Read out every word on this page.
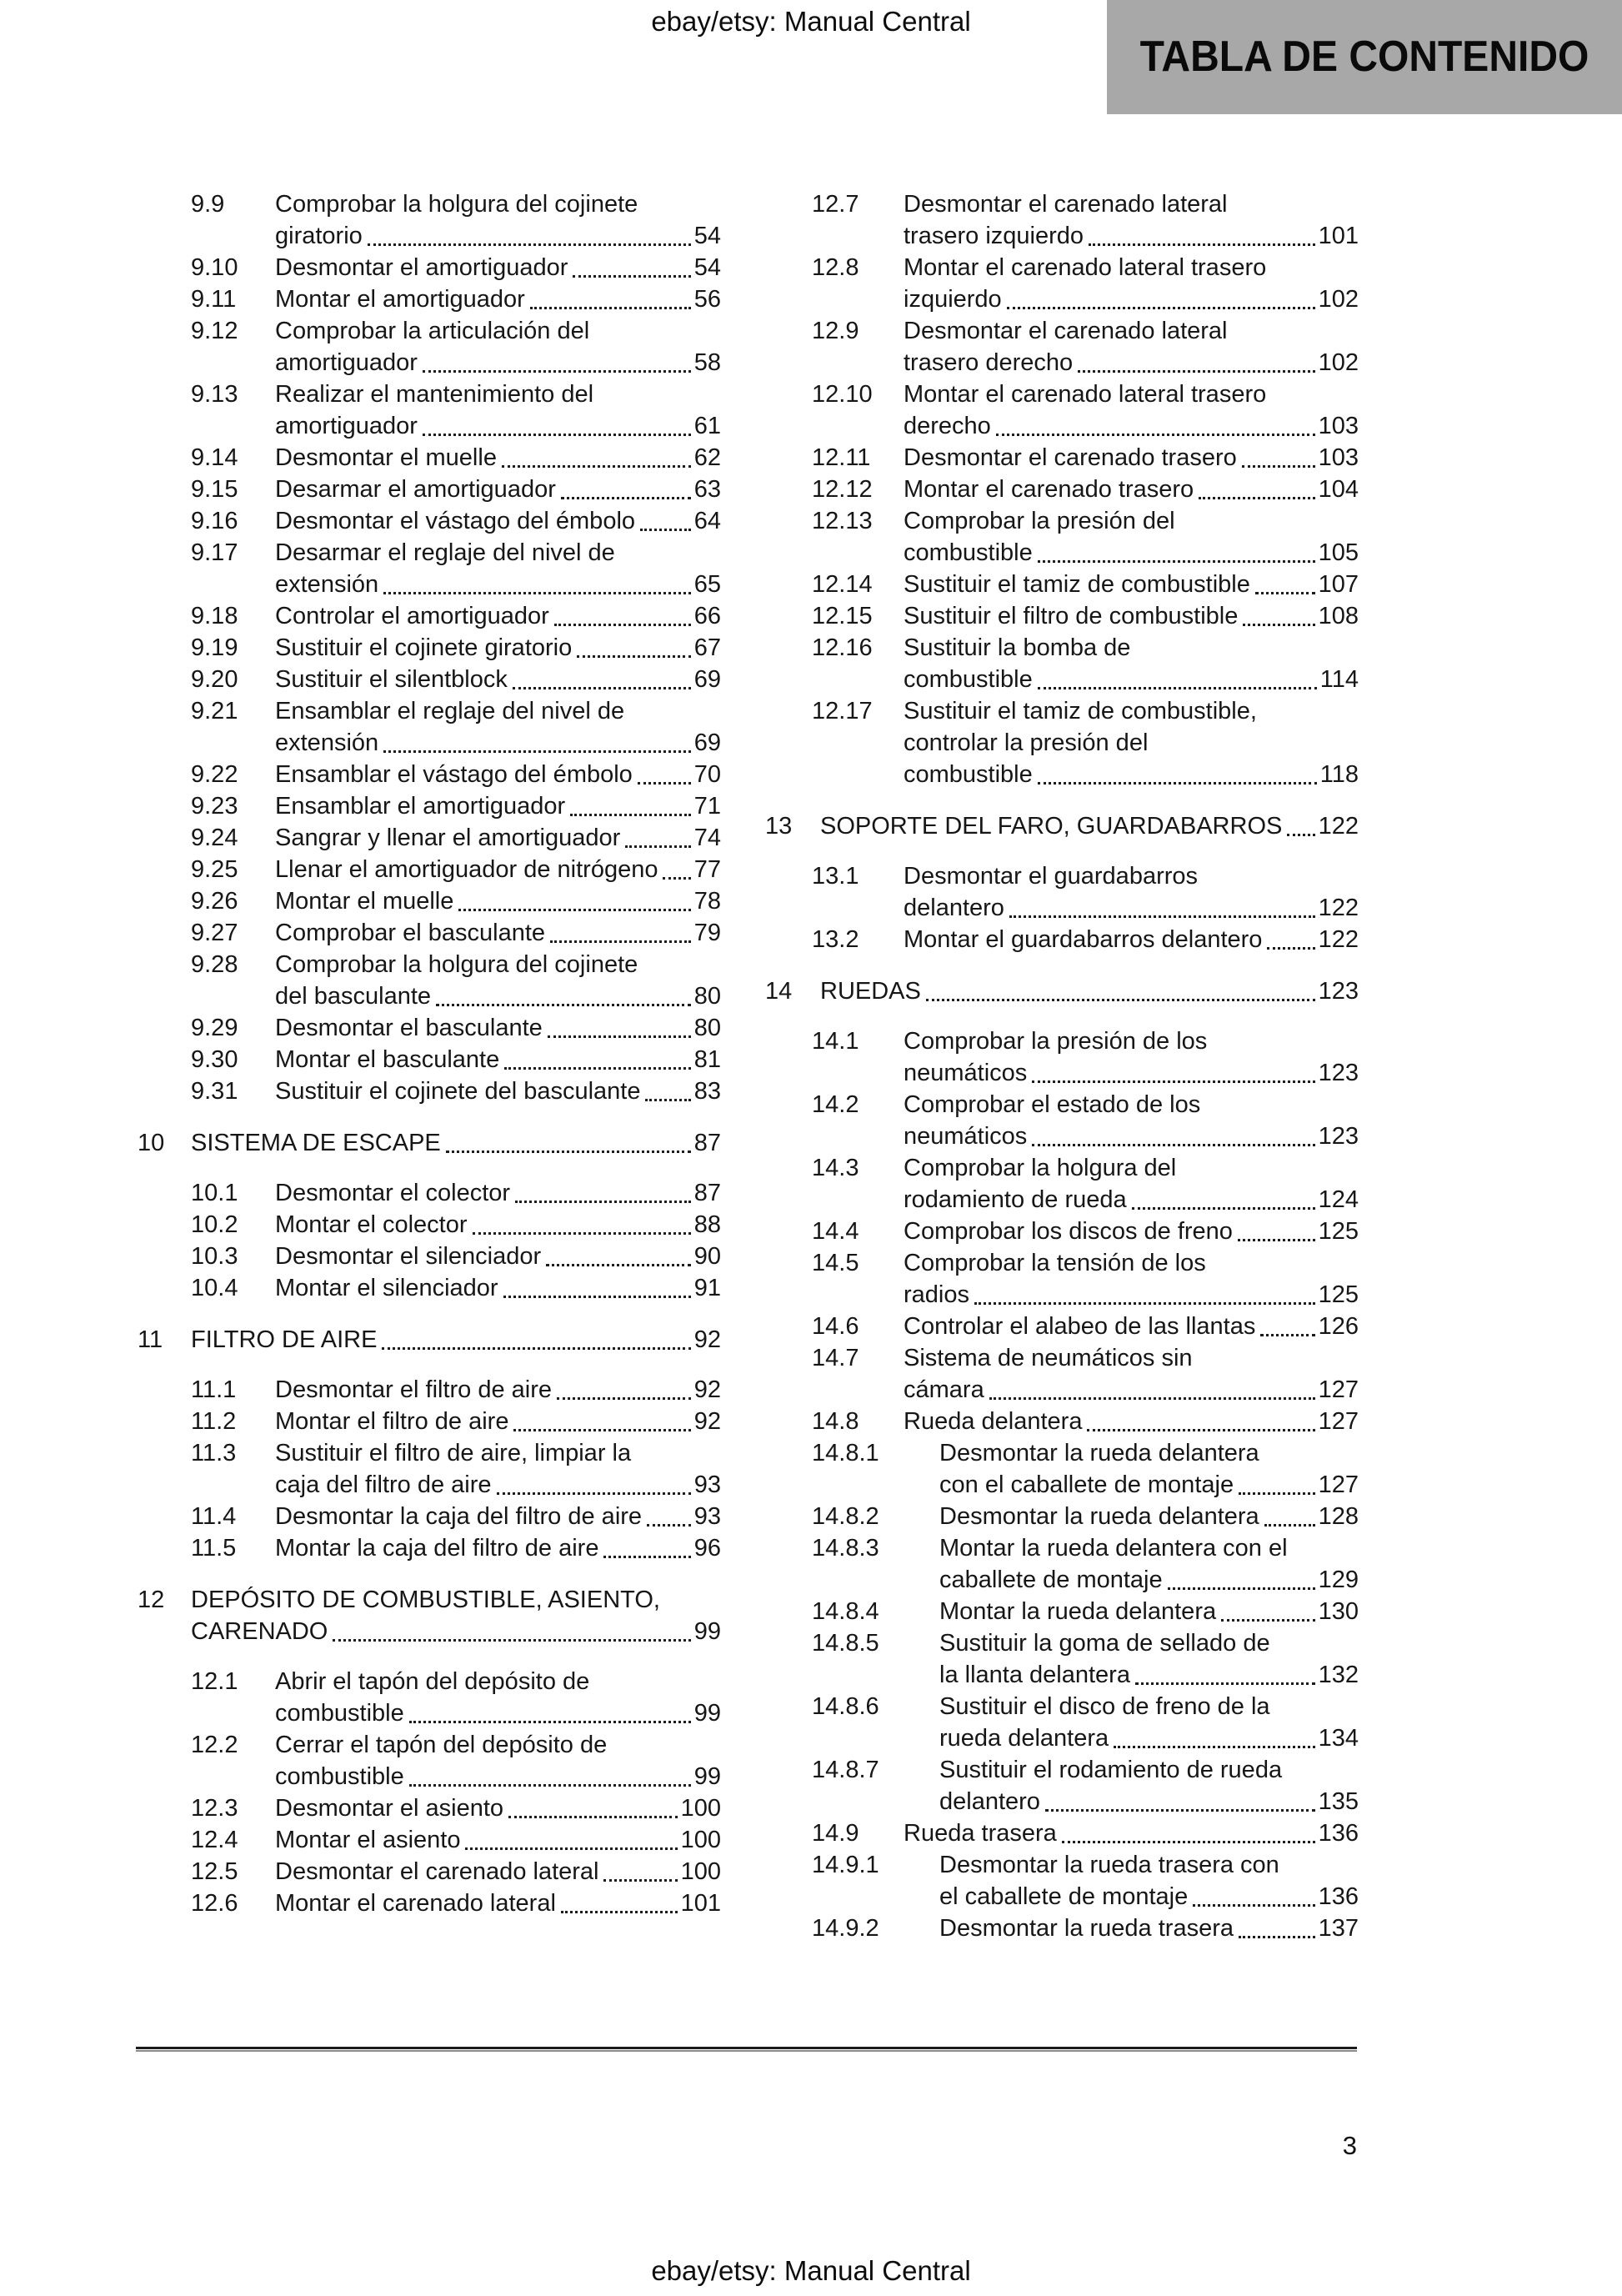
ebay/etsy: Manual Central
TABLA DE CONTENIDO
9.9	Comprobar la holgura del cojinete
giratorio	54
9.10	Desmontar el amortiguador	54
9.11	Montar el amortiguador	56
9.12	Comprobar la articulación del
amortiguador	58
9.13	Realizar el mantenimiento del
amortiguador	61
9.14	Desmontar el muelle	62
9.15	Desarmar el amortiguador	63
9.16	Desmontar el vástago del émbolo 64
9.17	Desarmar el reglaje del nivel de
extensión	65
9.18	Controlar el amortiguador	66
9.19	Sustituir el cojinete giratorio	67
9.20	Sustituir el silentblock	69
9.21	Ensamblar el reglaje del nivel de
extensión	69
9.22	Ensamblar el vástago del émbolo	70
9.23	Ensamblar el amortiguador	71
9.24	Sangrar y llenar el amortiguador	74
9.25	Llenar el amortiguador de nitrógeno 77
9.26	Montar el muelle	78
9.27	Comprobar el basculante	79
9.28	Comprobar la holgura del cojinete
del basculante	80
9.29	Desmontar el basculante	80
9.30	Montar el basculante	81
9.31	Sustituir el cojinete del basculante 83
10	SISTEMA DE ESCAPE	87
10.1	Desmontar el colector	87
10.2	Montar el colector	88
10.3	Desmontar el silenciador	90
10.4	Montar el silenciador	91
11	FILTRO DE AIRE	92
11.1	Desmontar el filtro de aire	92
11.2	Montar el filtro de aire	92
11.3	Sustituir el filtro de aire, limpiar la
caja del filtro de aire	93
11.4	Desmontar la caja del filtro de aire 93
11.5	Montar la caja del filtro de aire	96
12	DEPÓSITO DE COMBUSTIBLE, ASIENTO,
CARENADO	99
12.1	Abrir el tapón del depósito de
combustible	99
12.2	Cerrar el tapón del depósito de
combustible	99
12.3	Desmontar el asiento	100
12.4	Montar el asiento	100
12.5	Desmontar el carenado lateral	100
12.6	Montar el carenado lateral	101
12.7	Desmontar el carenado lateral
trasero izquierdo	101
12.8	Montar el carenado lateral trasero
izquierdo	102
12.9	Desmontar el carenado lateral
trasero derecho	102
12.10	Montar el carenado lateral trasero
derecho	103
12.11	Desmontar el carenado trasero	103
12.12	Montar el carenado trasero	104
12.13	Comprobar la presión del
combustible	105
12.14	Sustituir el tamiz de combustible	107
12.15	Sustituir el filtro de combustible	108
12.16	Sustituir la bomba de
combustible	114
12.17	Sustituir el tamiz de combustible,
controlar la presión del
combustible	118
13	SOPORTE DEL FARO, GUARDABARROS 122
13.1	Desmontar el guardabarros
delantero	122
13.2	Montar el guardabarros delantero 122
14	RUEDAS	123
14.1	Comprobar la presión de los
neumáticos	123
14.2	Comprobar el estado de los
neumáticos	123
14.3	Comprobar la holgura del
rodamiento de rueda	124
14.4	Comprobar los discos de freno	125
14.5	Comprobar la tensión de los
radios	125
14.6	Controlar el alabeo de las llantas	126
14.7	Sistema de neumáticos sin
cámara	127
14.8	Rueda delantera	127
14.8.1	Desmontar la rueda delantera
con el caballete de montaje	127
14.8.2	Desmontar la rueda delantera 128
14.8.3	Montar la rueda delantera con el
caballete de montaje	129
14.8.4	Montar la rueda delantera	130
14.8.5	Sustituir la goma de sellado de
la llanta delantera	132
14.8.6	Sustituir el disco de freno de la
rueda delantera	134
14.8.7	Sustituir el rodamiento de rueda
delantero	135
14.9	Rueda trasera	136
14.9.1	Desmontar la rueda trasera con
el caballete de montaje	136
14.9.2	Desmontar la rueda trasera	137
3
ebay/etsy: Manual Central
